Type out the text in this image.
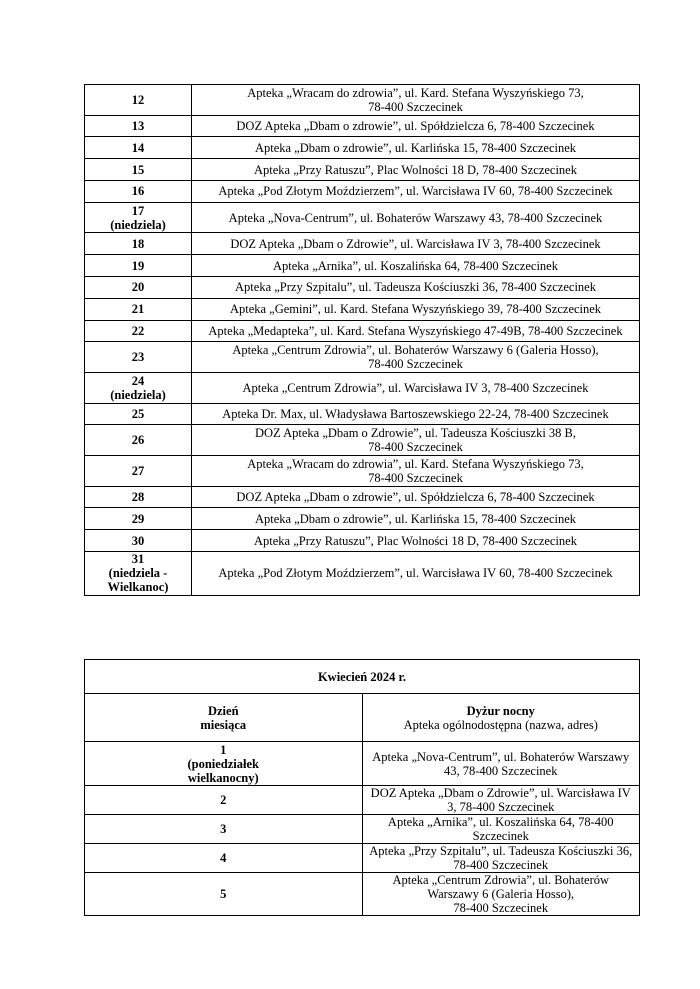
12	Apteka „Wracam do zdrowia”, ul. Kard. Stefana Wyszyńskiego 73,
78-400 Szczecinek
13	DOZ Apteka „Dbam o zdrowie”, ul. Spółdzielcza 6, 78-400 Szczecinek
14	Apteka „Dbam o zdrowie”, ul. Karlińska 15, 78-400 Szczecinek
15	Apteka „Przy Ratuszu”, Plac Wolności 18 D, 78-400 Szczecinek
16	Apteka „Pod Złotym Moździerzem”, ul. Warcisława IV 60, 78-400 Szczecinek
17
(niedziela)	Apteka „Nova-Centrum”, ul. Bohaterów Warszawy 43, 78-400 Szczecinek
18	DOZ Apteka „Dbam o Zdrowie”, ul. Warcisława IV 3, 78-400 Szczecinek
19	Apteka „Arnika”, ul. Koszalińska 64, 78-400 Szczecinek
20	Apteka „Przy Szpitalu”, ul. Tadeusza Kościuszki 36, 78-400 Szczecinek
21	Apteka „Gemini”, ul. Kard. Stefana Wyszyńskiego 39, 78-400 Szczecinek
22	Apteka „Medapteka”, ul. Kard. Stefana Wyszyńskiego 47-49B, 78-400 Szczecinek
23	Apteka „Centrum Zdrowia”, ul. Bohaterów Warszawy 6 (Galeria Hosso),
78-400 Szczecinek
24
(niedziela)	Apteka „Centrum Zdrowia”, ul. Warcisława IV 3, 78-400 Szczecinek
25	Apteka Dr. Max, ul. Władysława Bartoszewskiego 22-24, 78-400 Szczecinek
26	DOZ Apteka „Dbam o Zdrowie”, ul. Tadeusza Kościuszki 38 B,
78-400 Szczecinek
27	Apteka „Wracam do zdrowia”, ul. Kard. Stefana Wyszyńskiego 73,
78-400 Szczecinek
28	DOZ Apteka „Dbam o zdrowie”, ul. Spółdzielcza 6, 78-400 Szczecinek
29	Apteka „Dbam o zdrowie”, ul. Karlińska 15, 78-400 Szczecinek
30	Apteka „Przy Ratuszu”, Plac Wolności 18 D, 78-400 Szczecinek
31
(niedziela -
Wielkanoc)	Apteka „Pod Złotym Moździerzem”, ul. Warcisława IV 60, 78-400 Szczecinek
Kwiecień 2024 r.	
Dzień
miesiąca	Dyżur nocny
Apteka ogólnodostępna (nazwa, adres)
1
(poniedziałek
wielkanocny)	Apteka „Nova-Centrum”, ul. Bohaterów Warszawy 43, 78-400 Szczecinek
2	DOZ Apteka „Dbam o Zdrowie”, ul. Warcisława IV 3, 78-400 Szczecinek
3	Apteka „Arnika”, ul. Koszalińska 64, 78-400 Szczecinek
4	Apteka „Przy Szpitalu”, ul. Tadeusza Kościuszki 36, 78-400 Szczecinek
5	Apteka „Centrum Zdrowia”, ul. Bohaterów Warszawy 6 (Galeria Hosso),
78-400 Szczecinek
